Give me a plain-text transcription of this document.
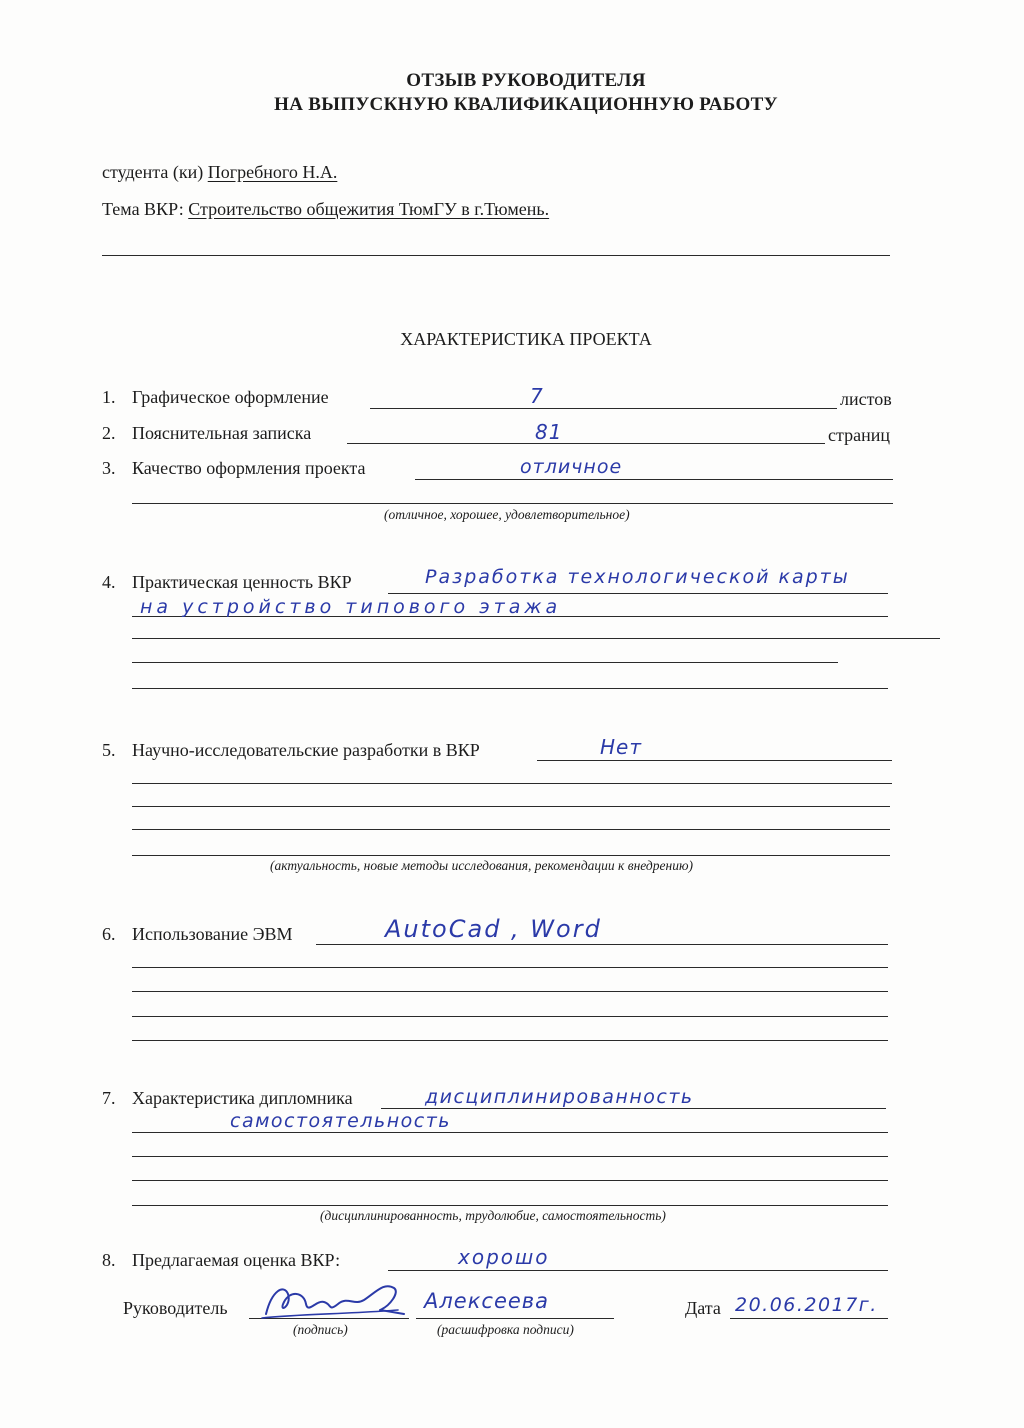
ОТЗЫВ РУКОВОДИТЕЛЯ
НА ВЫПУСКНУЮ КВАЛИФИКАЦИОННУЮ РАБОТУ
студента (ки) Погребного Н.А.
Тема ВКР: Строительство общежития ТюмГУ в г.Тюмень.
ХАРАКТЕРИСТИКА ПРОЕКТА
1. Графическое оформление	7	листов
2. Пояснительная записка	81	страниц
3. Качество оформления проекта	отличное
(отличное, хорошее, удовлетворительное)
4. Практическая ценность ВКР	Разработка технологической карты
на устройство типового этажа
5. Научно-исследовательские разработки в ВКР	Нет
(актуальность, новые методы исследования, рекомендации к внедрению)
6. Использование ЭВМ	AutoCad , Word
7. Характеристика дипломника	дисциплинированность
самостоятельность
(дисциплинированность, трудолюбие, самостоятельность)
8. Предлагаемая оценка ВКР:	хорошо
Руководитель	Алексеева
(подпись)	(расшифровка подписи)
Дата 20.06.2017г.
